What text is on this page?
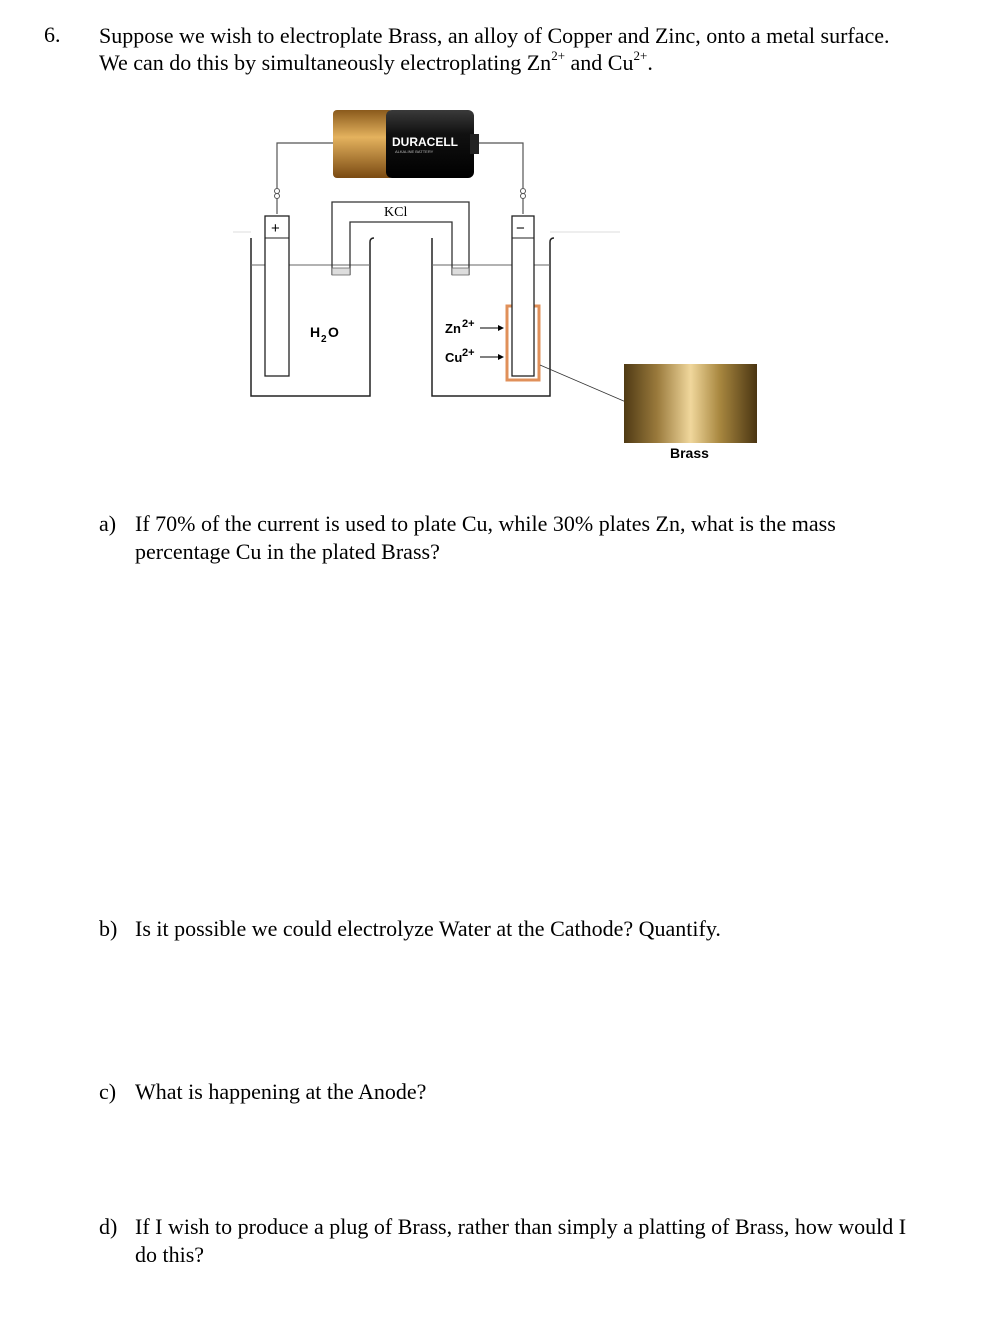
6. Suppose we wish to electroplate Brass, an alloy of Copper and Zinc, onto a metal surface.
We can do this by simultaneously electroplating $Zn^{2+}$ and $Cu^{2+}$.
DURACELL
ALKALINE BATTERY
KCl
+	−
H 2 O	Zn 2+
Cu 2+
Brass
a) If 70% of the current is used to plate Cu, while 30% plates Zn, what is the mass
percentage Cu in the plated Brass?
b) Is it possible we could electrolyze Water at the Cathode? Quantify.
c) What is happening at the Anode?
d) If I wish to produce a plug of Brass, rather than simply a platting of Brass, how would I
do this?
